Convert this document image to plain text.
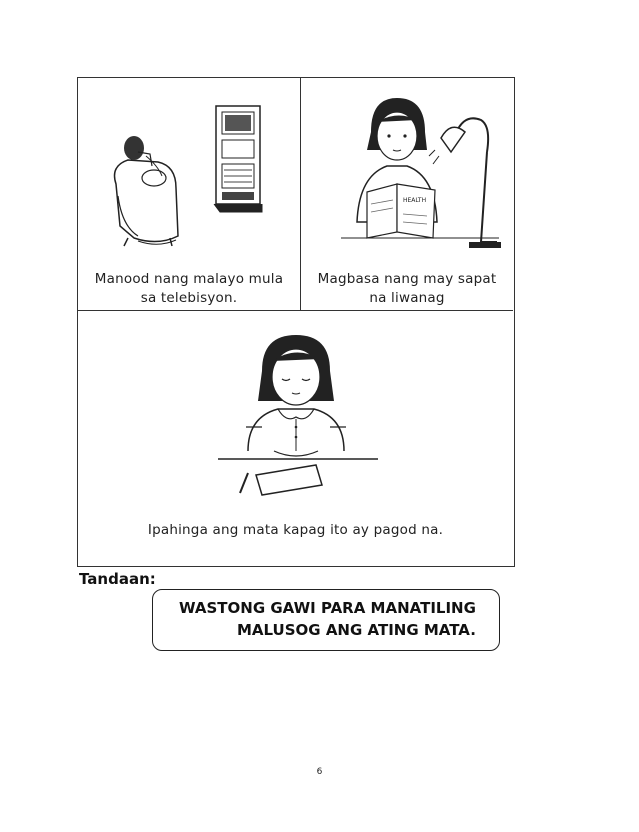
Manood nang malayo mula
sa telebisyon.
HEALTH
Magbasa nang may sapat
na liwanag
Ipahinga ang mata kapag ito ay pagod na.
Tandaan:
WASTONG GAWI PARA MANATILING
MALUSOG ANG ATING MATA.
6
